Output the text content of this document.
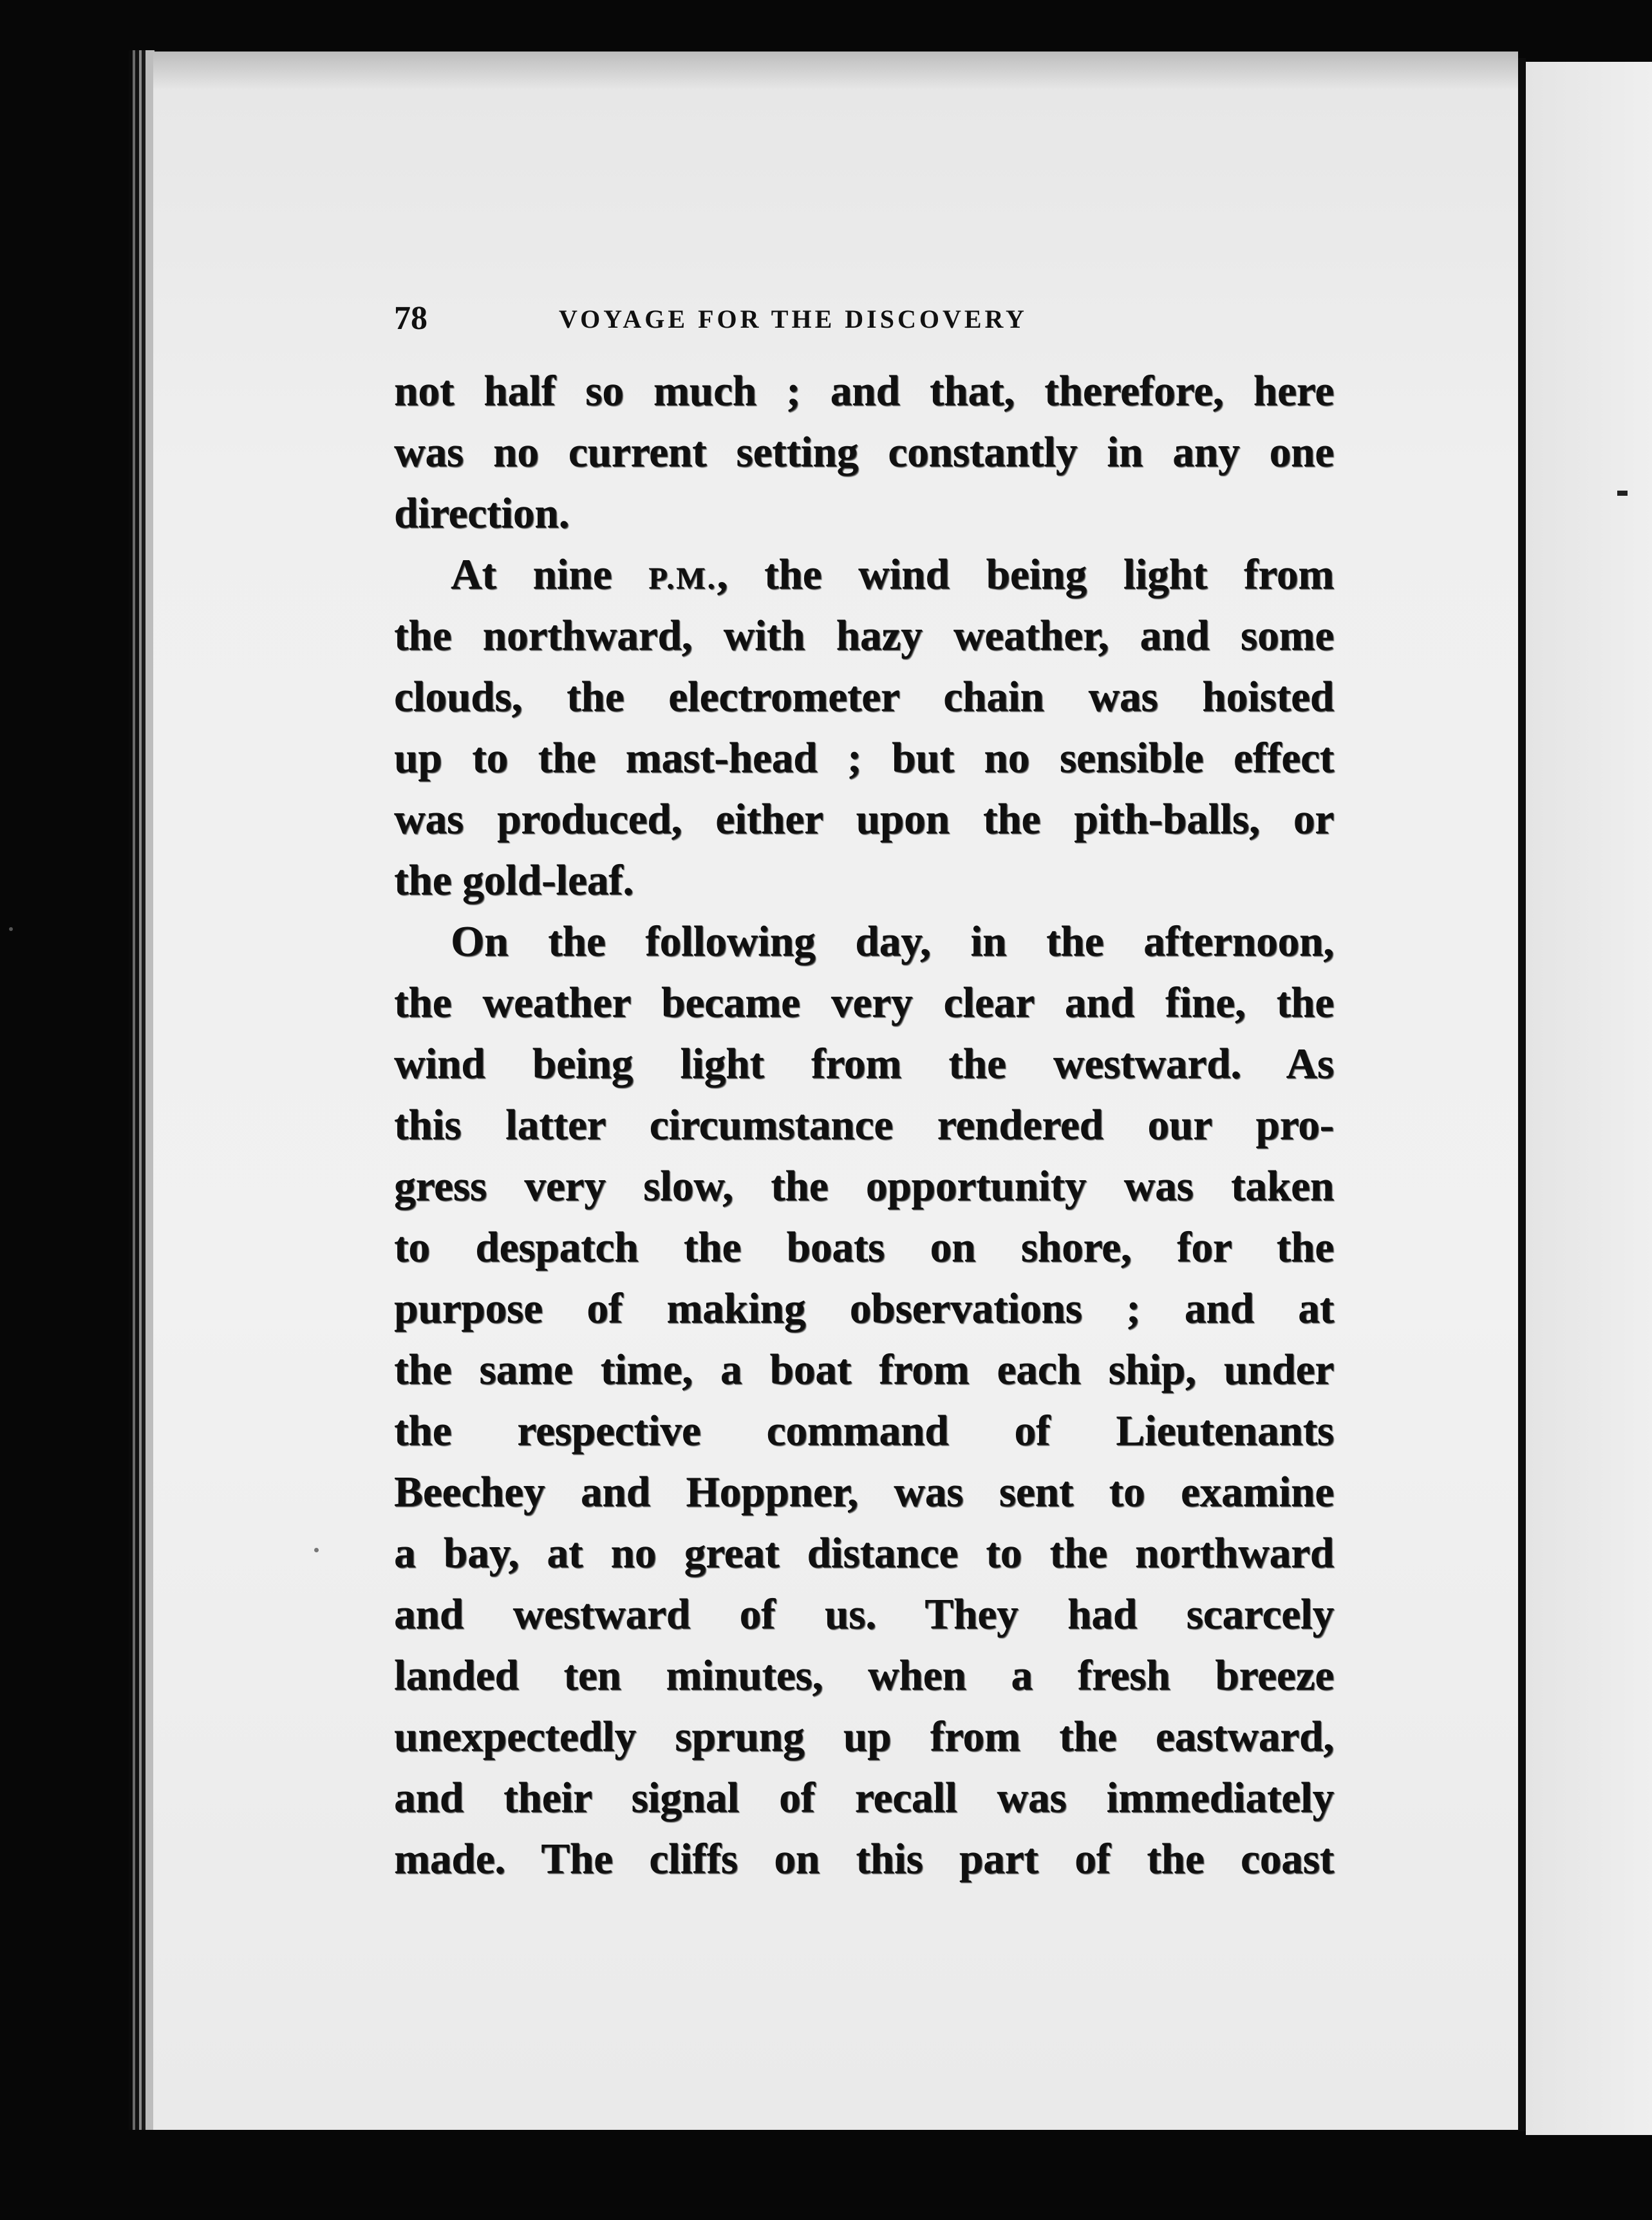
78	VOYAGE FOR THE DISCOVERY
not half so much ; and that, therefore, here
was no current setting constantly in any one
direction.
At nine P.M., the wind being light from
the northward, with hazy weather, and some
clouds, the electrometer chain was hoisted
up to the mast-head ; but no sensible effect
was produced, either upon the pith-balls, or
the gold-leaf.
On the following day, in the afternoon,
the weather became very clear and fine, the
wind being light from the westward. As
this latter circumstance rendered our pro-
gress very slow, the opportunity was taken
to despatch the boats on shore, for the
purpose of making observations ; and at
the same time, a boat from each ship, under
the respective command of Lieutenants
Beechey and Hoppner, was sent to examine
a bay, at no great distance to the northward
and westward of us. They had scarcely
landed ten minutes, when a fresh breeze
unexpectedly sprung up from the eastward,
and their signal of recall was immediately
made. The cliffs on this part of the coast
